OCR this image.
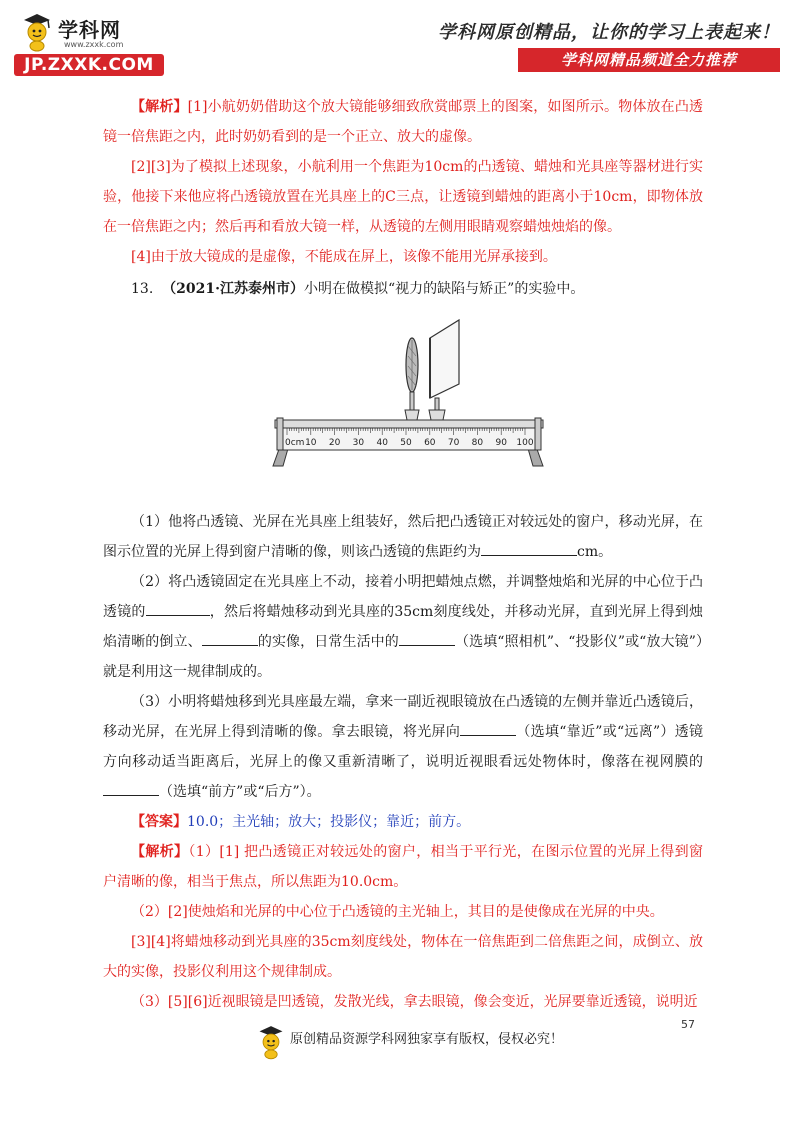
学科网
www.zxxk.com
JP.ZXXK.COM
学科网原创精品，让你的学习上表起来！
学科网精品频道全力推荐

【解析】[1]小航奶奶借助这个放大镜能够细致欣赏邮票上的图案，如图所示。物体放在凸透镜一倍焦距之内，此时奶奶看到的是一个正立、放大的虚像。

[2][3]为了模拟上述现象，小航利用一个焦距为10cm的凸透镜、蜡烛和光具座等器材进行实验，他接下来他应将凸透镜放置在光具座上的C三点，让透镜到蜡烛的距离小于10cm，即物体放在一倍焦距之内；然后再和看放大镜一样，从透镜的左侧用眼睛观察蜡烛烛焰的像。

[4]由于放大镜成的是虚像，不能成在屏上，该像不能用光屏承接到。

13. （2021·江苏泰州市）小明在做模拟“视力的缺陷与矫正”的实验中。

0cm 10 20 30 40 50 60 70 80 90 100

（1）他将凸透镜、光屏在光具座上组装好，然后把凸透镜正对较远处的窗户，移动光屏，在图示位置的光屏上得到窗户清晰的像，则该凸透镜的焦距约为	cm。

（2）将凸透镜固定在光具座上不动，接着小明把蜡烛点燃，并调整烛焰和光屏的中心位于凸透镜的	，然后将蜡烛移动到光具座的35cm刻度线处，并移动光屏，直到光屏上得到烛焰清晰的倒立、	的实像，日常生活中的	（选填“照相机”、“投影仪”或“放大镜”）就是利用这一规律制成的。

（3）小明将蜡烛移到光具座最左端，拿来一副近视眼镜放在凸透镜的左侧并靠近凸透镜后，移动光屏，在光屏上得到清晰的像。拿去眼镜，将光屏向	（选填“靠近”或“远离”）透镜方向移动适当距离后，光屏上的像又重新清晰了，说明近视眼看远处物体时，像落在视网膜的（选填“前方”或“后方”）。

【答案】10.0；主光轴；放大；投影仪；靠近；前方。

【解析】（1）[1] 把凸透镜正对较远处的窗户，相当于平行光，在图示位置的光屏上得到窗户清晰的像，相当于焦点，所以焦距为10.0cm。

（2）[2]使烛焰和光屏的中心位于凸透镜的主光轴上，其目的是使像成在光屏的中央。

[3][4]将蜡烛移动到光具座的35cm刻度线处，物体在一倍焦距到二倍焦距之间，成倒立、放大的实像，投影仪利用这个规律制成。

（3）[5][6]近视眼镜是凹透镜，发散光线，拿去眼镜，像会变近，光屏要靠近透镜，说明近

57
原创精品资源学科网独家享有版权，侵权必究！
